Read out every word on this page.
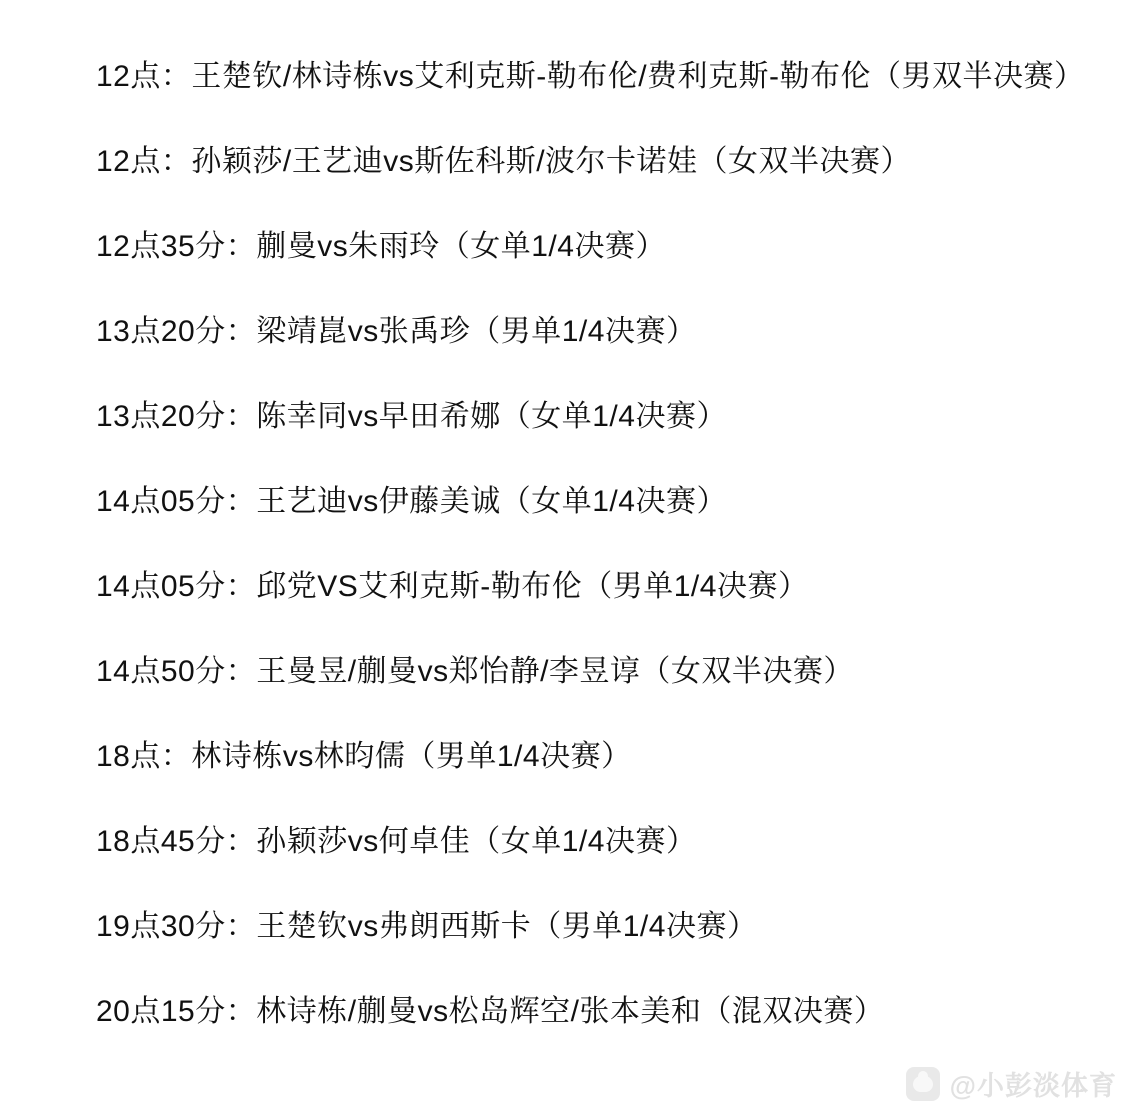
12点：王楚钦/林诗栋vs艾利克斯-勒布伦/费利克斯-勒布伦（男双半决赛）
12点：孙颖莎/王艺迪vs斯佐科斯/波尔卡诺娃（女双半决赛）
12点35分：蒯曼vs朱雨玲（女单1/4决赛）
13点20分：梁靖崑vs张禹珍（男单1/4决赛）
13点20分：陈幸同vs早田希娜（女单1/4决赛）
14点05分：王艺迪vs伊藤美诚（女单1/4决赛）
14点05分：邱党VS艾利克斯-勒布伦（男单1/4决赛）
14点50分：王曼昱/蒯曼vs郑怡静/李昱谆（女双半决赛）
18点：林诗栋vs林昀儒（男单1/4决赛）
18点45分：孙颖莎vs何卓佳（女单1/4决赛）
19点30分：王楚钦vs弗朗西斯卡（男单1/4决赛）
20点15分：林诗栋/蒯曼vs松岛辉空/张本美和（混双决赛）
@小彭淡体育
